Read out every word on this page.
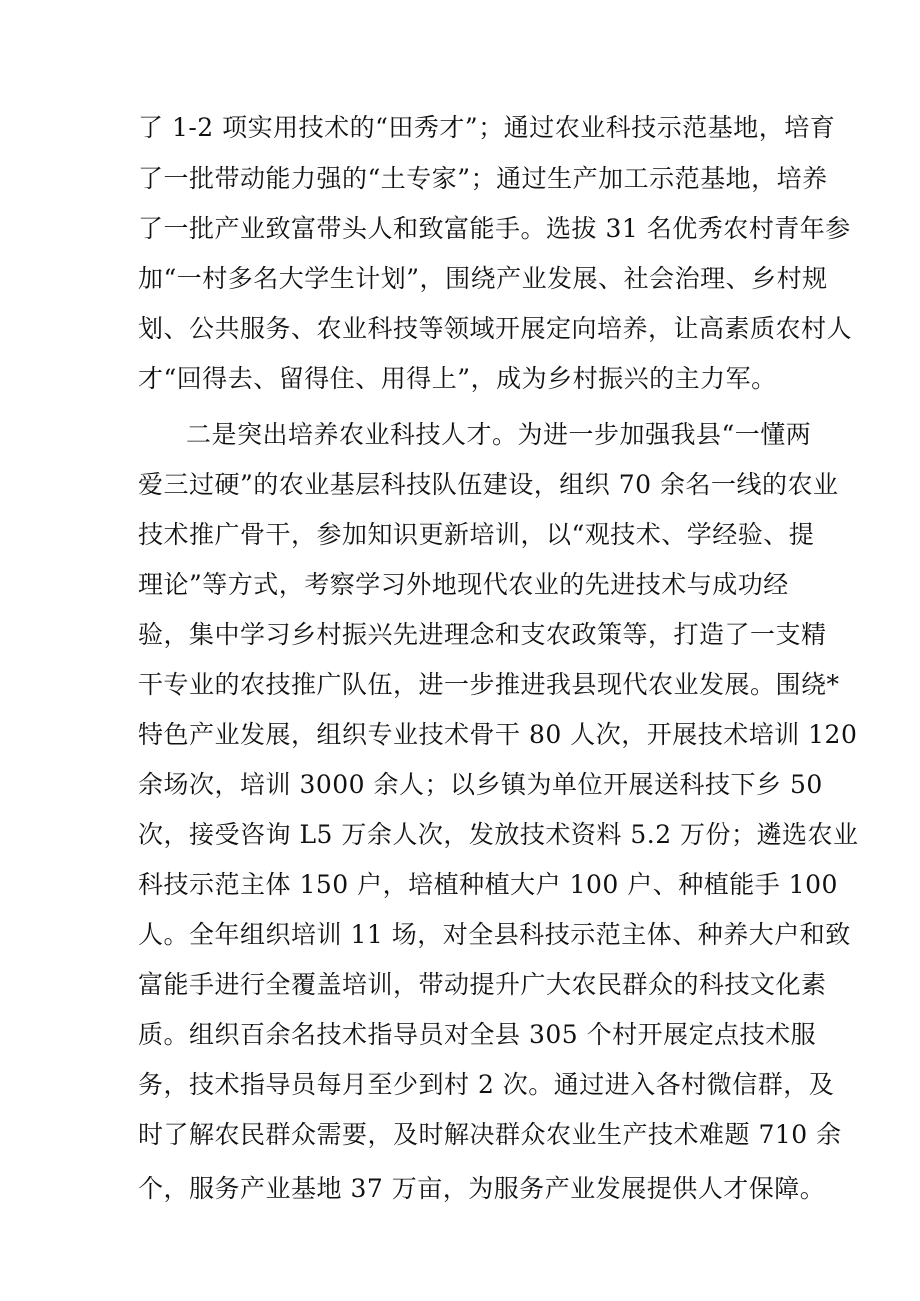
了 1-2 项实用技术的“田秀才”；通过农业科技示范基地，培育
了一批带动能力强的“土专家”；通过生产加工示范基地，培养
了一批产业致富带头人和致富能手。选拔 31 名优秀农村青年参
加“一村多名大学生计划”，围绕产业发展、社会治理、乡村规
划、公共服务、农业科技等领域开展定向培养，让高素质农村人
才“回得去、留得住、用得上”，成为乡村振兴的主力军。
二是突出培养农业科技人才。为进一步加强我县“一懂两
爱三过硬”的农业基层科技队伍建设，组织 70 余名一线的农业
技术推广骨干，参加知识更新培训，以“观技术、学经验、提
理论”等方式，考察学习外地现代农业的先进技术与成功经
验，集中学习乡村振兴先进理念和支农政策等，打造了一支精
干专业的农技推广队伍，进一步推进我县现代农业发展。围绕*
特色产业发展，组织专业技术骨干 80 人次，开展技术培训 120
余场次，培训 3000 余人；以乡镇为单位开展送科技下乡 50
次，接受咨询 L5 万余人次，发放技术资料 5.2 万份；遴选农业
科技示范主体 150 户，培植种植大户 100 户、种植能手 100
人。全年组织培训 11 场，对全县科技示范主体、种养大户和致
富能手进行全覆盖培训，带动提升广大农民群众的科技文化素
质。组织百余名技术指导员对全县 305 个村开展定点技术服
务，技术指导员每月至少到村 2 次。通过进入各村微信群，及
时了解农民群众需要，及时解决群众农业生产技术难题 710 余
个，服务产业基地 37 万亩，为服务产业发展提供人才保障。
